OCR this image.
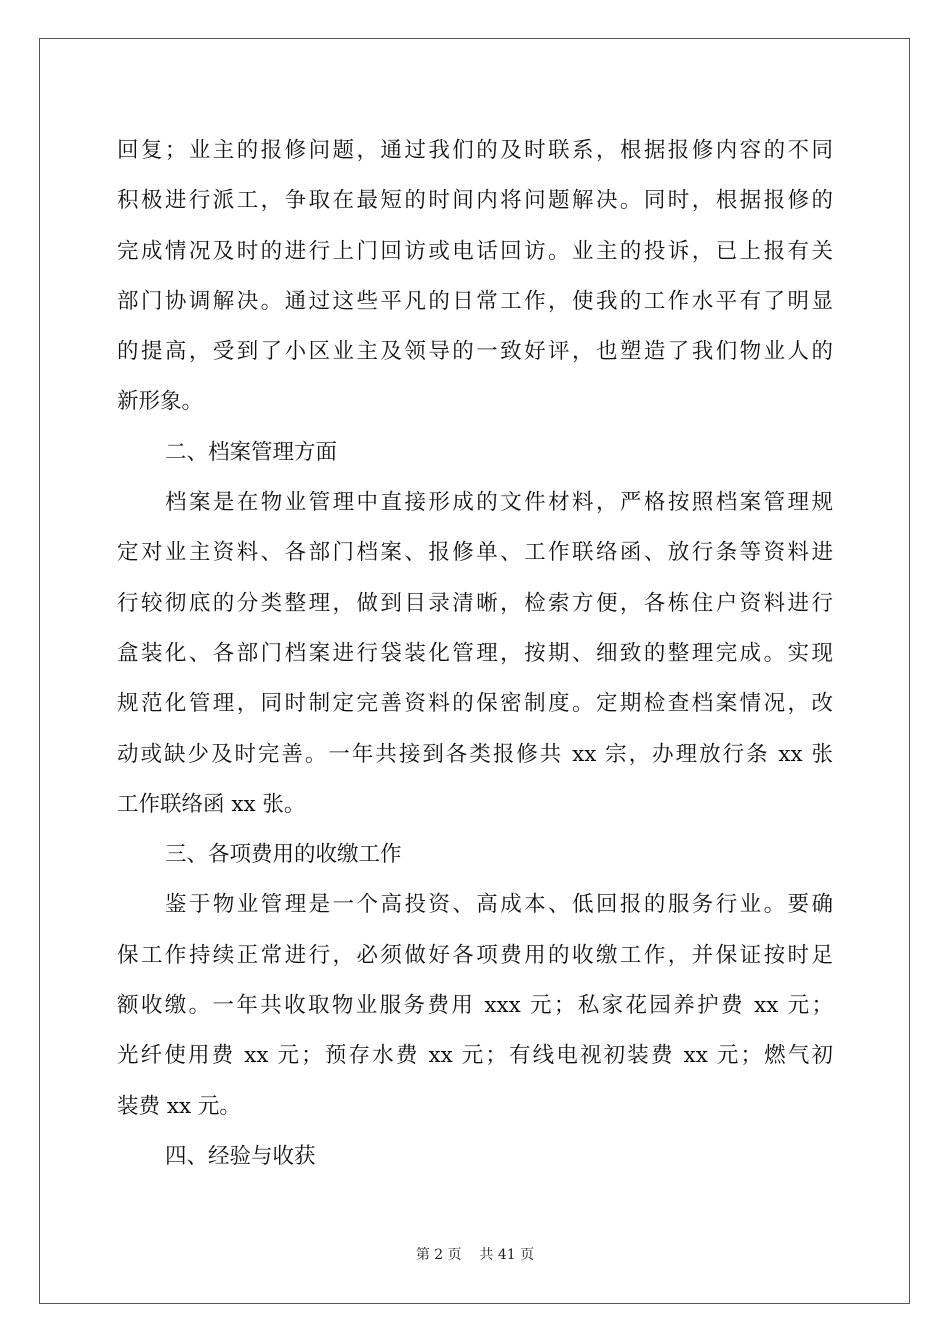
回复；业主的报修问题，通过我们的及时联系，根据报修内容的不同
积极进行派工，争取在最短的时间内将问题解决。同时，根据报修的
完成情况及时的进行上门回访或电话回访。业主的投诉，已上报有关
部门协调解决。通过这些平凡的日常工作，使我的工作水平有了明显
的提高，受到了小区业主及领导的一致好评，也塑造了我们物业人的
新形象。
二、档案管理方面
档案是在物业管理中直接形成的文件材料，严格按照档案管理规
定对业主资料、各部门档案、报修单、工作联络函、放行条等资料进
行较彻底的分类整理，做到目录清晰，检索方便，各栋住户资料进行
盒装化、各部门档案进行袋装化管理，按期、细致的整理完成。实现
规范化管理，同时制定完善资料的保密制度。定期检查档案情况，改
动或缺少及时完善。一年共接到各类报修共 xx 宗，办理放行条 xx 张
工作联络函 xx 张。
三、各项费用的收缴工作
鉴于物业管理是一个高投资、高成本、低回报的服务行业。要确
保工作持续正常进行，必须做好各项费用的收缴工作，并保证按时足
额收缴。一年共收取物业服务费用 xxx 元；私家花园养护费 xx 元；
光纤使用费 xx 元；预存水费 xx 元；有线电视初装费 xx 元；燃气初
装费 xx 元。
四、经验与收获
第 2 页    共 41 页
